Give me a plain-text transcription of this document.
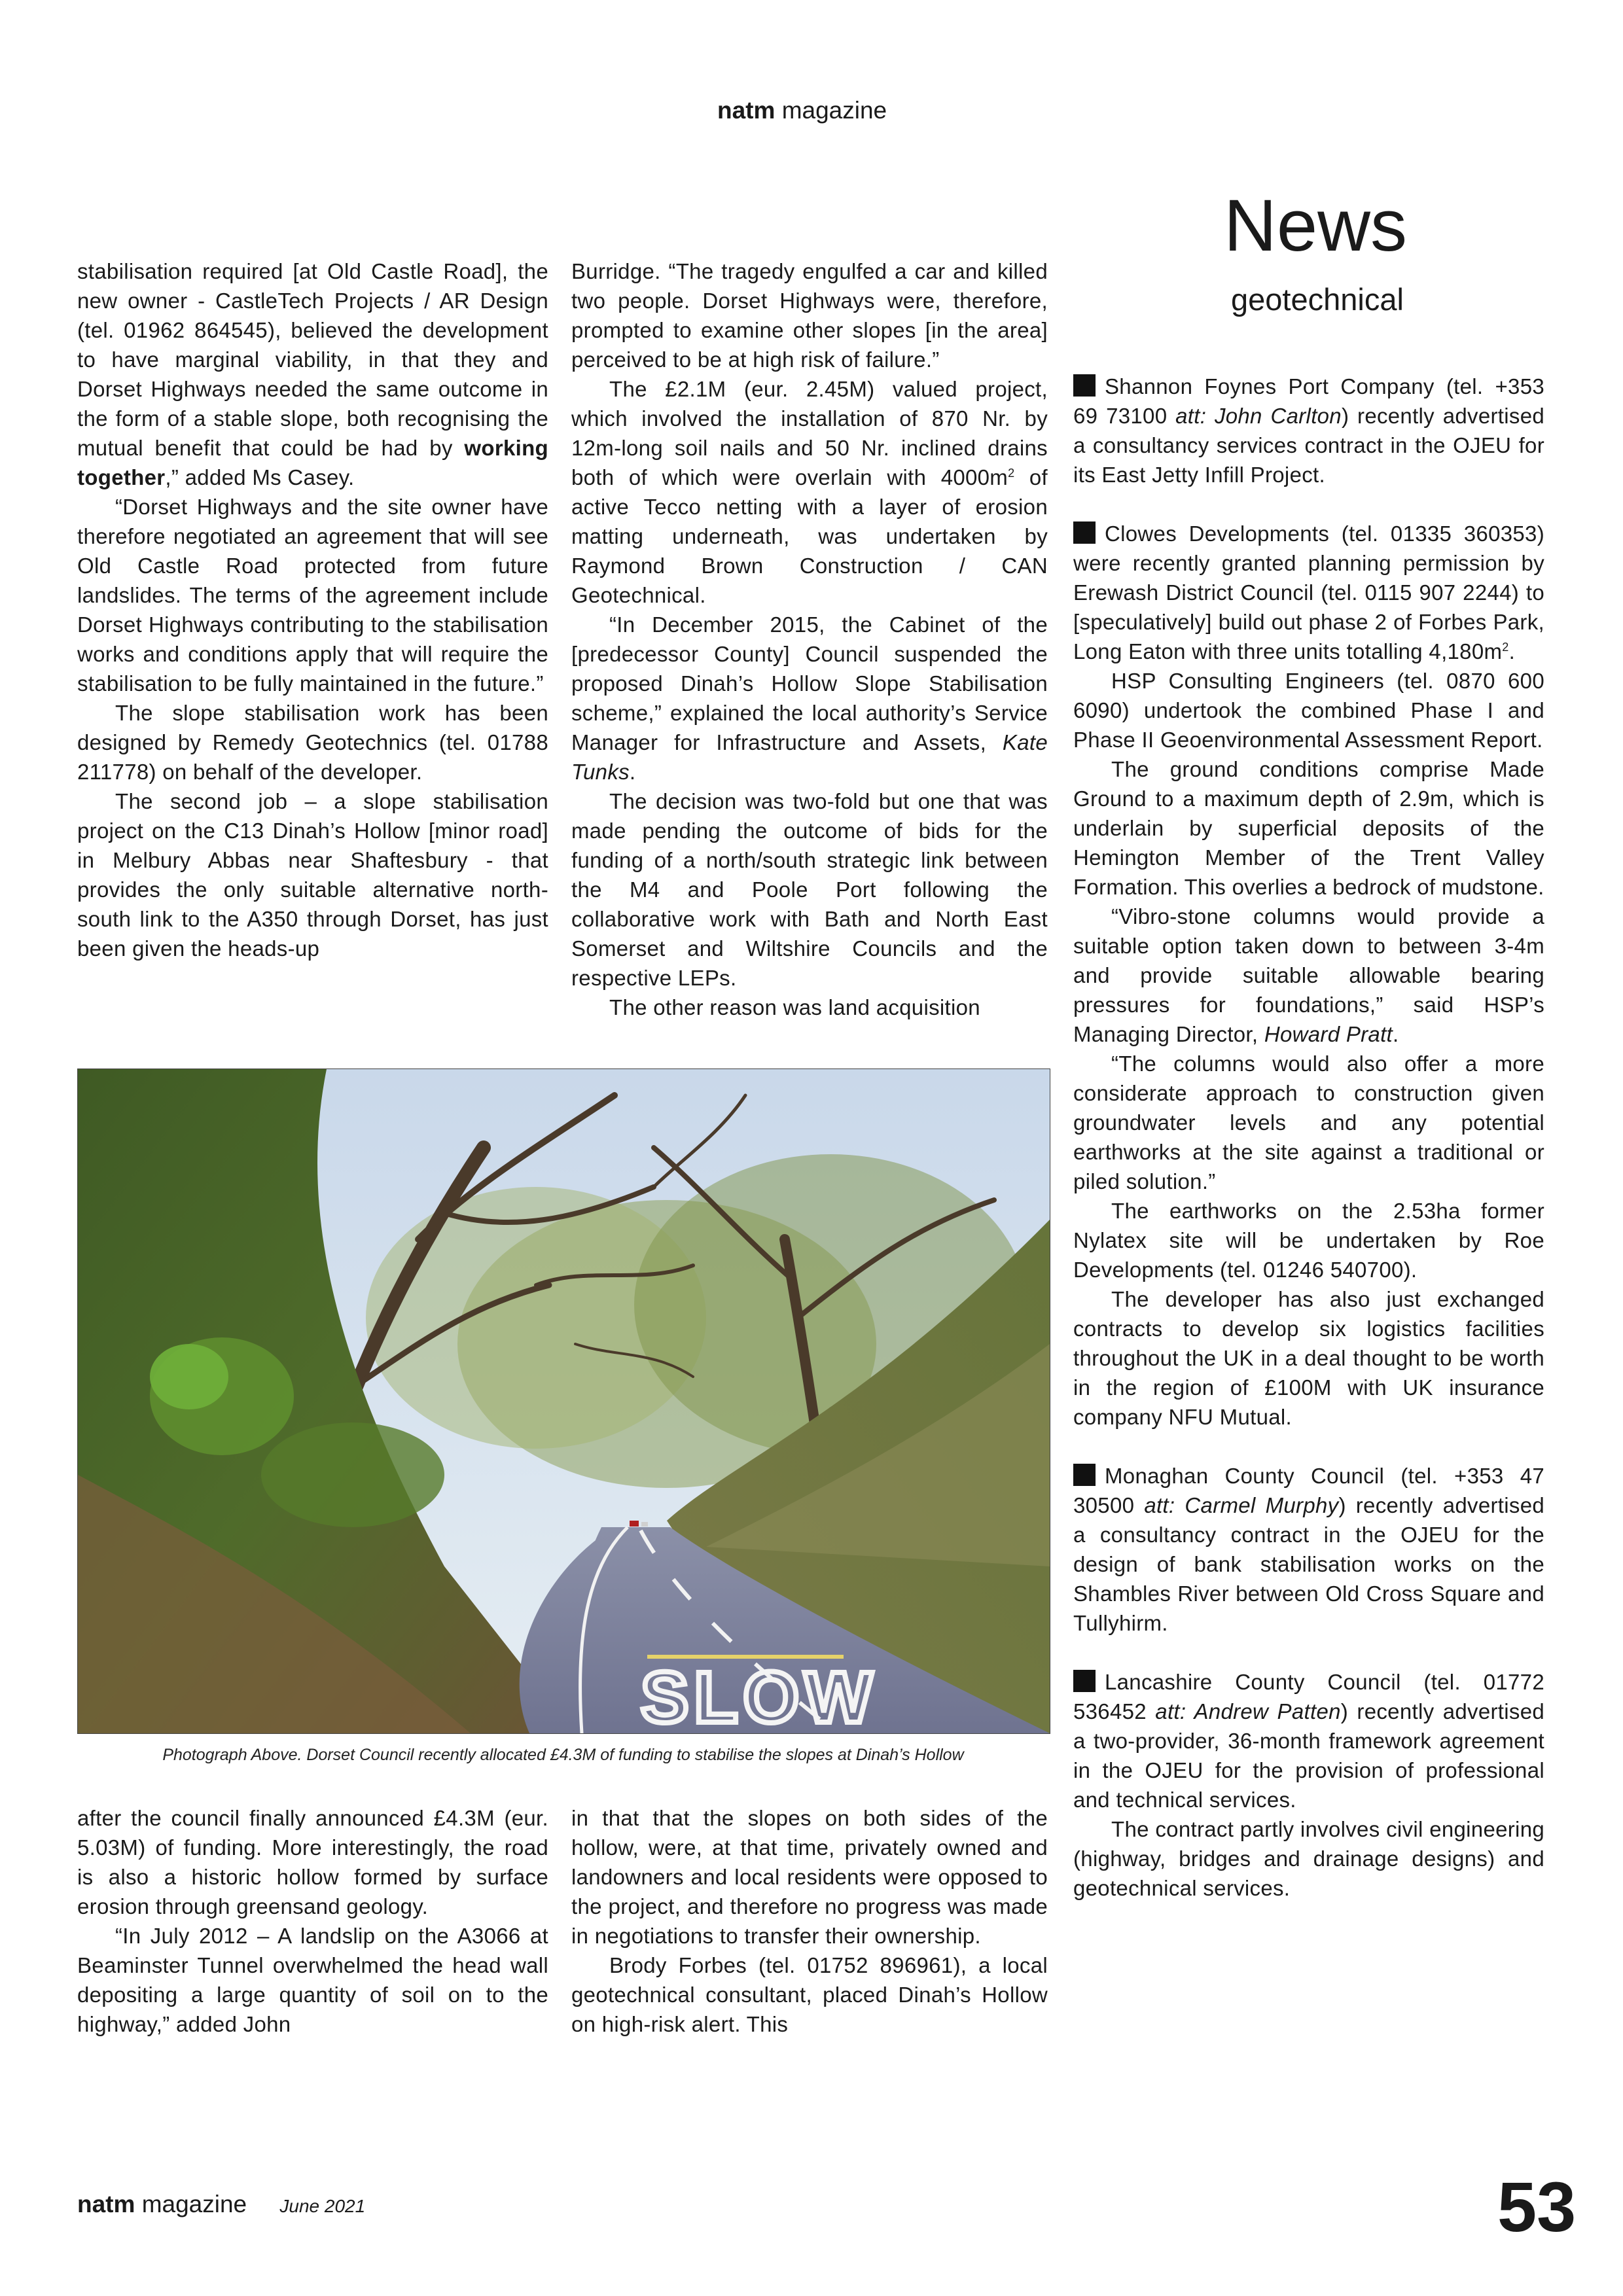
natm magazine
News
geotechnical

stabilisation required [at Old Castle Road], the new owner - CastleTech Projects / AR Design (tel. 01962 864545), believed the development to have marginal viability, in that they and Dorset Highways needed the same outcome in the form of a stable slope, both recognising the mutual benefit that could be had by working together,” added Ms Casey.

“Dorset Highways and the site owner have therefore negotiated an agreement that will see Old Castle Road protected from future landslides. The terms of the agreement include Dorset Highways contributing to the stabilisation works and conditions apply that will require the stabilisation to be fully maintained in the future.”

The slope stabilisation work has been designed by Remedy Geotechnics (tel. 01788 211778) on behalf of the developer.

The second job – a slope stabilisation project on the C13 Dinah’s Hollow [minor road] in Melbury Abbas near Shaftesbury - that provides the only suitable alternative north-south link to the A350 through Dorset, has just been given the heads-up

Burridge. “The tragedy engulfed a car and killed two people. Dorset Highways were, therefore, prompted to examine other slopes [in the area] perceived to be at high risk of failure.”

The £2.1M (eur. 2.45M) valued project, which involved the installation of 870 Nr. by 12m-long soil nails and 50 Nr. inclined drains both of which were overlain with $4000m^2$ of active Tecco netting with a layer of erosion matting underneath, was undertaken by Raymond Brown Construction / CAN Geotechnical.

“In December 2015, the Cabinet of the [predecessor County] Council suspended the proposed Dinah’s Hollow Slope Stabilisation scheme,” explained the local authority’s Service Manager for Infrastructure and Assets, Kate Tunks.

The decision was two-fold but one that was made pending the outcome of bids for the funding of a north/south strategic link between the M4 and Poole Port following the collaborative work with Bath and North East Somerset and Wiltshire Councils and the respective LEPs.

The other reason was land acquisition

SLOW
Photograph Above. Dorset Council recently allocated £4.3M of funding to stabilise the slopes at Dinah’s Hollow

after the council finally announced £4.3M (eur. 5.03M) of funding. More interestingly, the road is also a historic hollow formed by surface erosion through greensand geology.

“In July 2012 – A landslip on the A3066 at Beaminster Tunnel overwhelmed the head wall depositing a large quantity of soil on to the highway,” added John

in that that the slopes on both sides of the hollow, were, at that time, privately owned and landowners and local residents were opposed to the project, and therefore no progress was made in negotiations to transfer their ownership.

Brody Forbes (tel. 01752 896961), a local geotechnical consultant, placed Dinah’s Hollow on high-risk alert. This

Shannon Foynes Port Company (tel. +353 69 73100 att: John Carlton) recently advertised a consultancy services contract in the OJEU for its East Jetty Infill Project.

Clowes Developments (tel. 01335 360353) were recently granted planning permission by Erewash District Council (tel. 0115 907 2244) to [speculatively] build out phase 2 of Forbes Park, Long Eaton with three units totalling $4,180m^2$.

HSP Consulting Engineers (tel. 0870 600 6090) undertook the combined Phase I and Phase II Geoenvironmental Assessment Report.

The ground conditions comprise Made Ground to a maximum depth of 2.9m, which is underlain by superficial deposits of the Hemington Member of the Trent Valley Formation. This overlies a bedrock of mudstone.

“Vibro-stone columns would provide a suitable option taken down to between 3-4m and provide suitable allowable bearing pressures for foundations,” said HSP’s Managing Director, Howard Pratt.

“The columns would also offer a more considerate approach to construction given groundwater levels and any potential earthworks at the site against a traditional or piled solution.”

The earthworks on the 2.53ha former Nylatex site will be undertaken by Roe Developments (tel. 01246 540700).

The developer has also just exchanged contracts to develop six logistics facilities throughout the UK in a deal thought to be worth in the region of £100M with UK insurance company NFU Mutual.

Monaghan County Council (tel. +353 47 30500 att: Carmel Murphy) recently advertised a consultancy contract in the OJEU for the design of bank stabilisation works on the Shambles River between Old Cross Square and Tullyhirm.

Lancashire County Council (tel. 01772 536452 att: Andrew Patten) recently advertised a two-provider, 36-month framework agreement in the OJEU for the provision of professional and technical services.

The contract partly involves civil engineering (highway, bridges and drainage designs) and geotechnical services.

natm magazine June 2021	53
